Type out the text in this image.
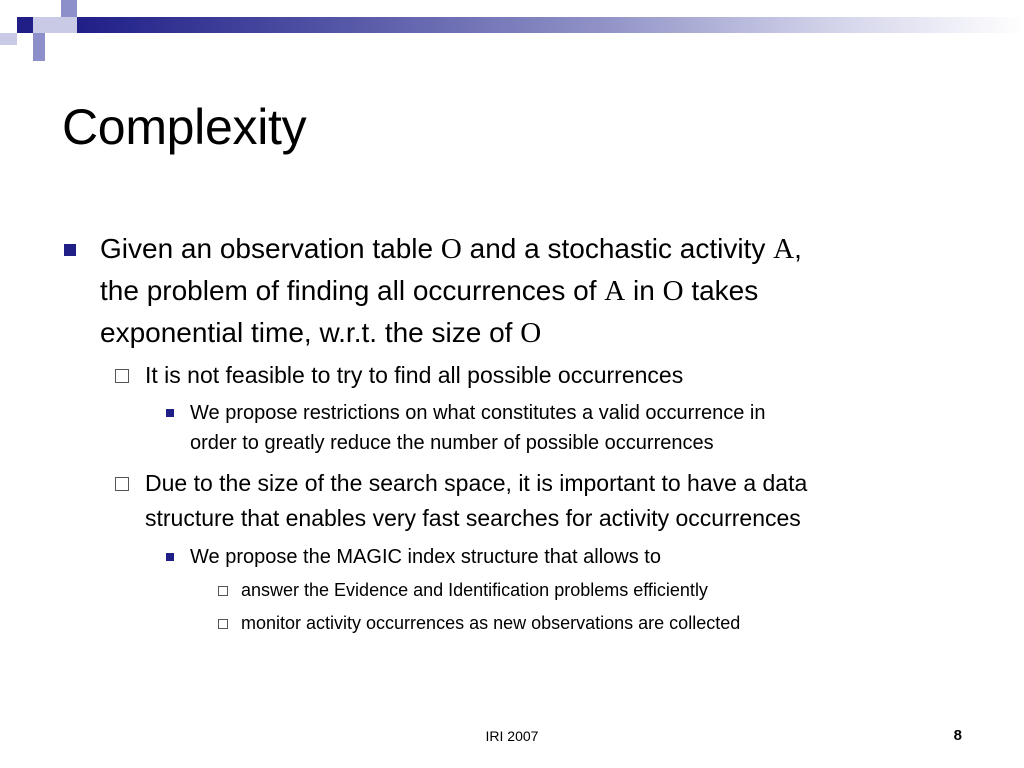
Complexity
Given an observation table O and a stochastic activity A,
the problem of finding all occurrences of A in O takes
exponential time, w.r.t. the size of O
It is not feasible to try to find all possible occurrences
We propose restrictions on what constitutes a valid occurrence in
order to greatly reduce the number of possible occurrences
Due to the size of the search space, it is important to have a data
structure that enables very fast searches for activity occurrences
We propose the MAGIC index structure that allows to
answer the Evidence and Identification problems efficiently
monitor activity occurrences as new observations are collected
IRI 2007	8
